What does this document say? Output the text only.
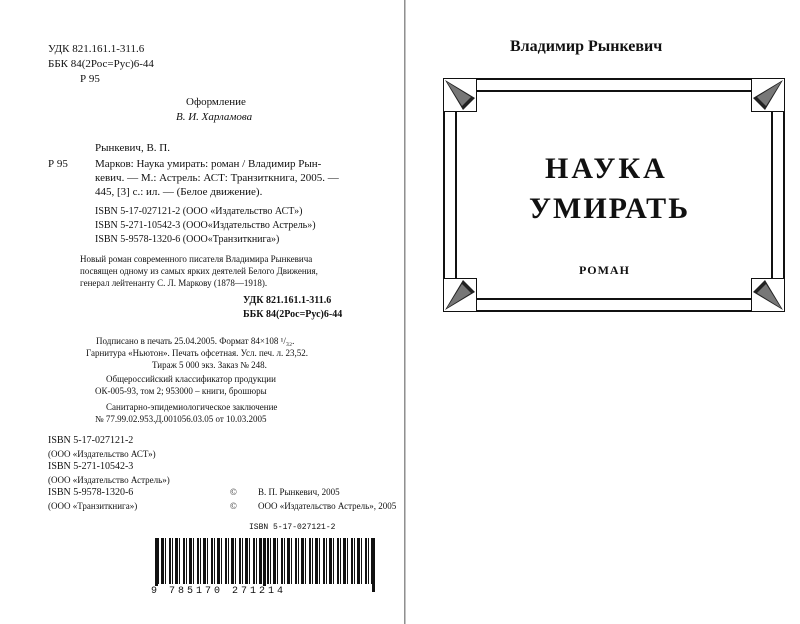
УДК 821.161.1-311.6
ББК 84(2Рос=Рус)6-44
Р 95
Оформление
В. И. Харламова
Рынкевич, В. П.
Р 95 Марков: Наука умирать: роман / Владимир Рын-
кевич. — М.: Астрель: АСТ: Транзиткнига, 2005. —
445, [3] с.: ил. — (Белое движение).
ISBN 5-17-027121-2 (ООО «Издательство АСТ»)
ISBN 5-271-10542-3 (ООО«Издательство Астрель»)
ISBN 5-9578-1320-6 (ООО«Транзиткнига»)
Новый роман современного писателя Владимира Рынкевича
посвящен одному из самых ярких деятелей Белого Движения,
генерал лейтенанту С. Л. Маркову (1878—1918).
УДК 821.161.1-311.6
ББК 84(2Рос=Рус)6-44
Подписано в печать 25.04.2005. Формат 84×108 ¹/₃₂.
Гарнитура «Ньютон». Печать офсетная. Усл. печ. л. 23,52.
Тираж 5 000 экз. Заказ № 248.
Общероссийский классификатор продукции
ОК-005-93, том 2; 953000 – книги, брошюры
Санитарно-эпидемиологическое заключение
№ 77.99.02.953.Д.001056.03.05 от 10.03.2005
ISBN 5-17-027121-2
(ООО «Издательство АСТ»)
ISBN 5-271-10542-3
(ООО «Издательство Астрель»)
ISBN 5-9578-1320-6
(ООО «Транзиткнига»)
© В. П. Рынкевич, 2005
© ООО «Издательство Астрель», 2005
ISBN 5-17-027121-2
9 785170 271214
Владимир Рынкевич
НАУКА
УМИРАТЬ
РОМАН
